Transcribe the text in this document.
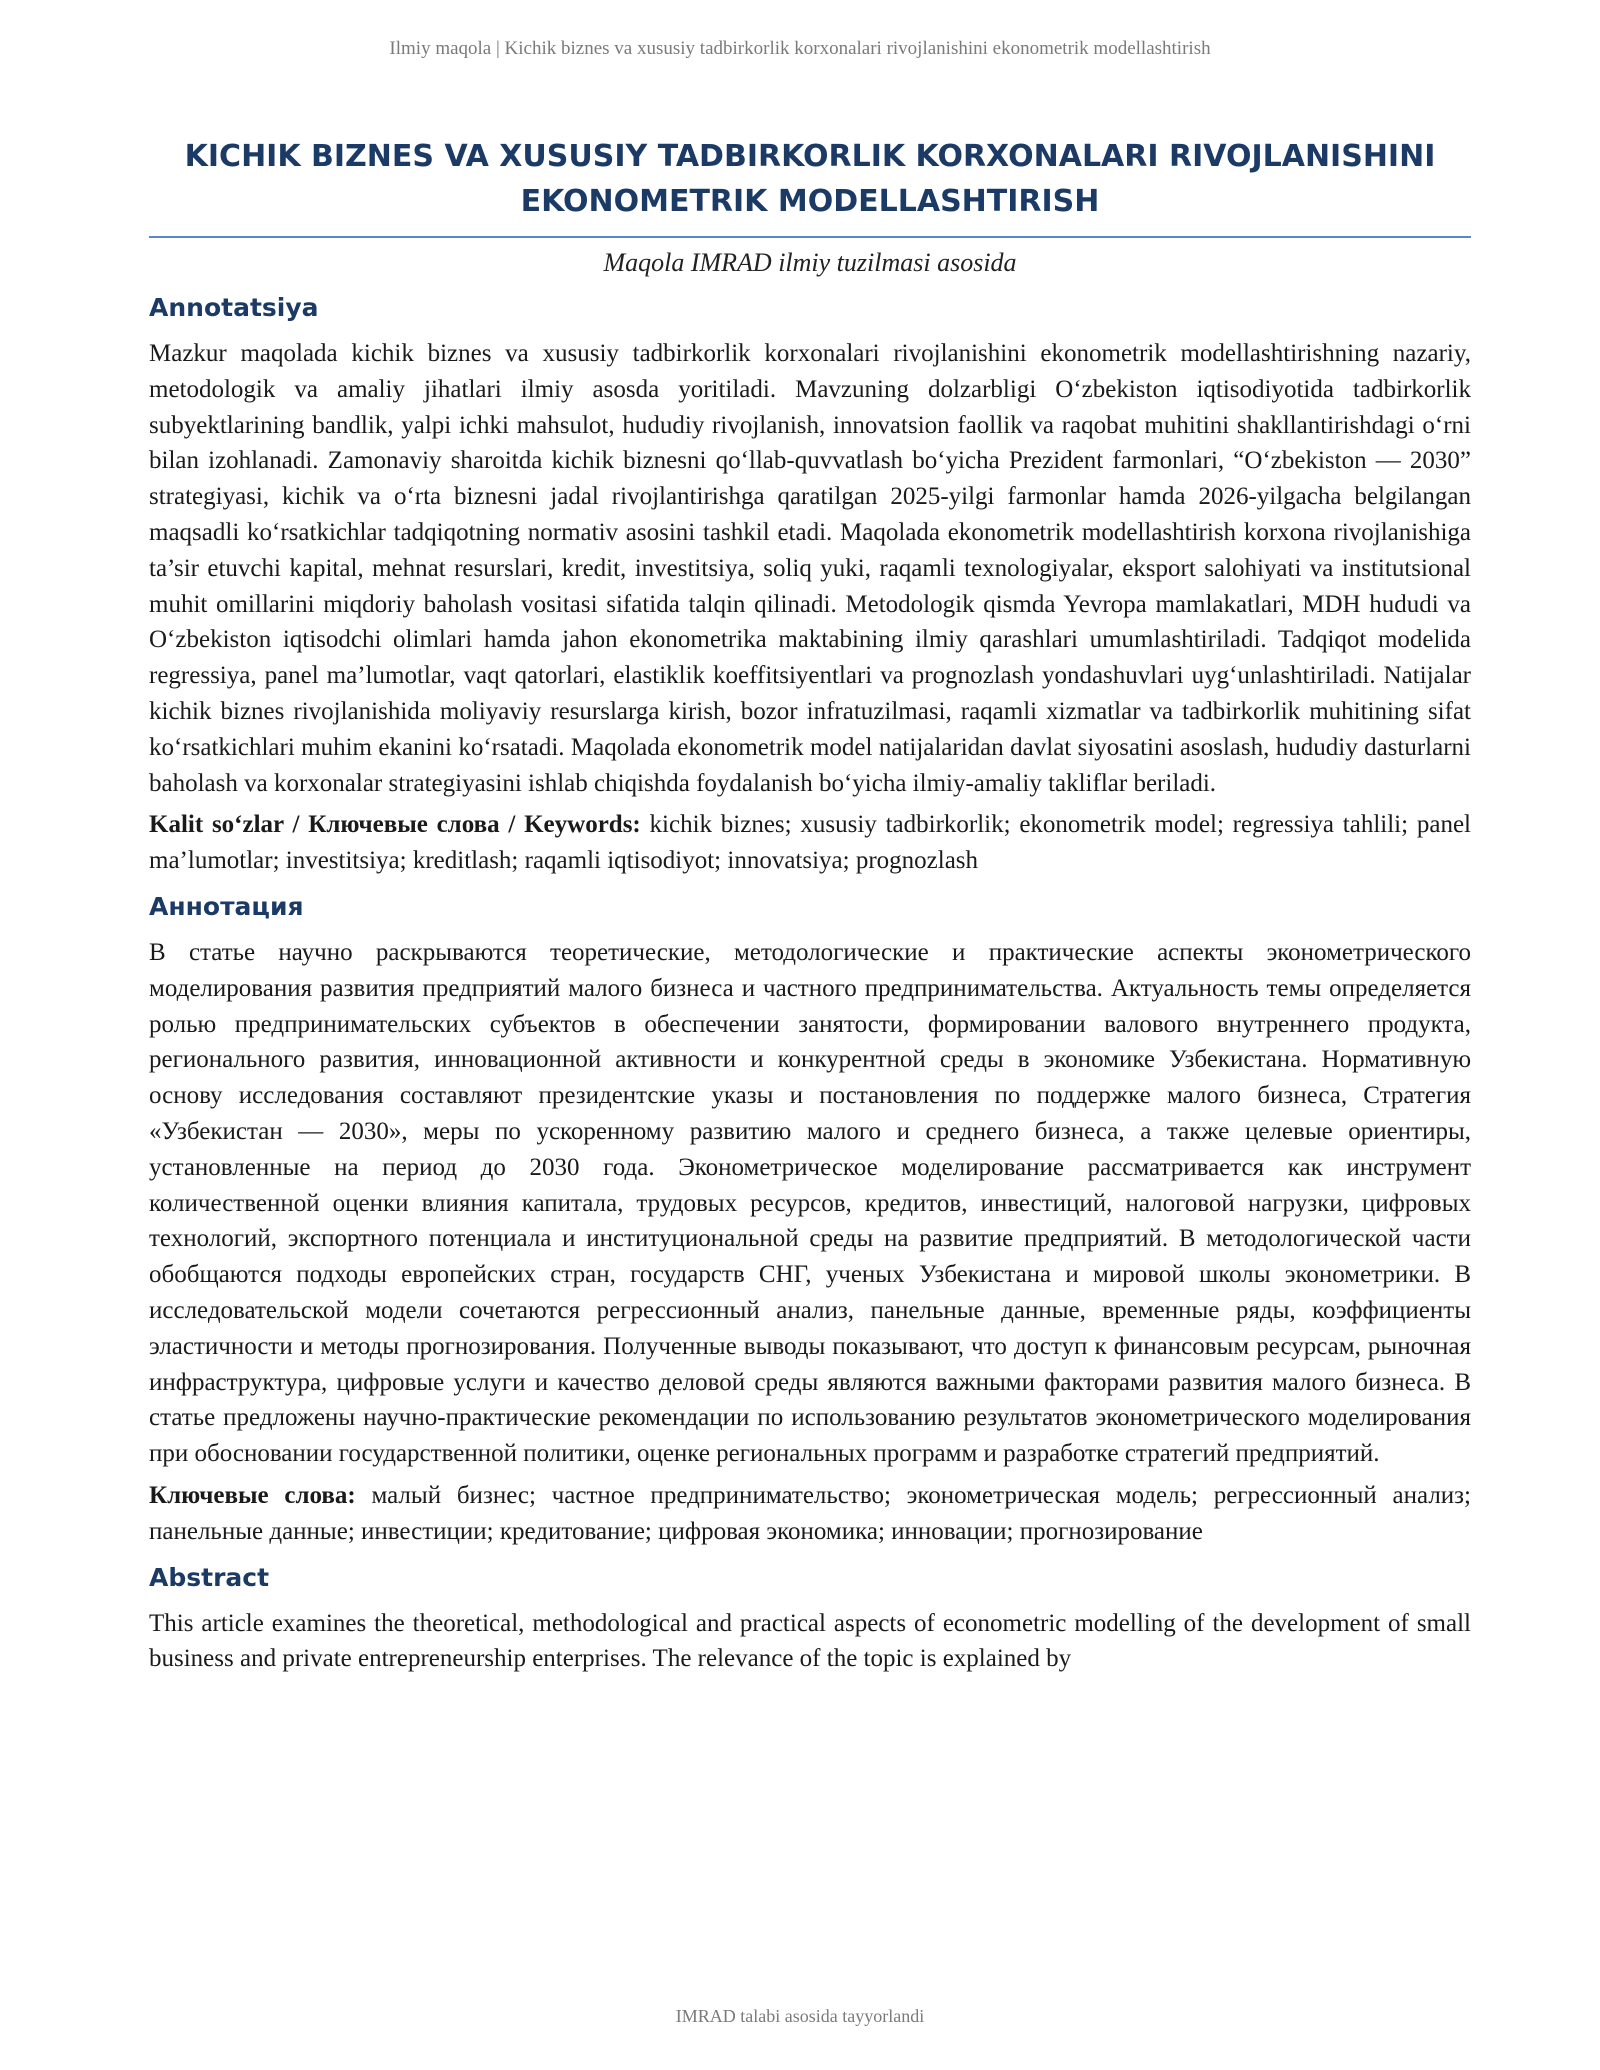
Ilmiy maqola | Kichik biznes va xususiy tadbirkorlik korxonalari rivojlanishini ekonometrik modellashtirish
KICHIK BIZNES VA XUSUSIY TADBIRKORLIK KORXONALARI RIVOJLANISHINI EKONOMETRIK MODELLASHTIRISH

Maqola IMRAD ilmiy tuzilmasi asosida

Annotatsiya

Mazkur maqolada kichik biznes va xususiy tadbirkorlik korxonalari rivojlanishini ekonometrik modellashtirishning nazariy, metodologik va amaliy jihatlari ilmiy asosda yoritiladi. Mavzuning dolzarbligi O‘zbekiston iqtisodiyotida tadbirkorlik subyektlarining bandlik, yalpi ichki mahsulot, hududiy rivojlanish, innovatsion faollik va raqobat muhitini shakllantirishdagi o‘rni bilan izohlanadi. Zamonaviy sharoitda kichik biznesni qo‘llab-quvvatlash bo‘yicha Prezident farmonlari, “O‘zbekiston — 2030” strategiyasi, kichik va o‘rta biznesni jadal rivojlantirishga qaratilgan 2025-yilgi farmonlar hamda 2026-yilgacha belgilangan maqsadli ko‘rsatkichlar tadqiqotning normativ asosini tashkil etadi. Maqolada ekonometrik modellashtirish korxona rivojlanishiga ta’sir etuvchi kapital, mehnat resurslari, kredit, investitsiya, soliq yuki, raqamli texnologiyalar, eksport salohiyati va institutsional muhit omillarini miqdoriy baholash vositasi sifatida talqin qilinadi. Metodologik qismda Yevropa mamlakatlari, MDH hududi va O‘zbekiston iqtisodchi olimlari hamda jahon ekonometrika maktabining ilmiy qarashlari umumlashtiriladi. Tadqiqot modelida regressiya, panel ma’lumotlar, vaqt qatorlari, elastiklik koeffitsiyentlari va prognozlash yondashuvlari uyg‘unlashtiriladi. Natijalar kichik biznes rivojlanishida moliyaviy resurslarga kirish, bozor infratuzilmasi, raqamli xizmatlar va tadbirkorlik muhitining sifat ko‘rsatkichlari muhim ekanini ko‘rsatadi. Maqolada ekonometrik model natijalaridan davlat siyosatini asoslash, hududiy dasturlarni baholash va korxonalar strategiyasini ishlab chiqishda foydalanish bo‘yicha ilmiy-amaliy takliflar beriladi.

Kalit so‘zlar / Ключевые слова / Keywords: kichik biznes; xususiy tadbirkorlik; ekonometrik model; regressiya tahlili; panel ma’lumotlar; investitsiya; kreditlash; raqamli iqtisodiyot; innovatsiya; prognozlash

Аннотация

В статье научно раскрываются теоретические, методологические и практические аспекты эконометрического моделирования развития предприятий малого бизнеса и частного предпринимательства. Актуальность темы определяется ролью предпринимательских субъектов в обеспечении занятости, формировании валового внутреннего продукта, регионального развития, инновационной активности и конкурентной среды в экономике Узбекистана. Нормативную основу исследования составляют президентские указы и постановления по поддержке малого бизнеса, Стратегия «Узбекистан — 2030», меры по ускоренному развитию малого и среднего бизнеса, а также целевые ориентиры, установленные на период до 2030 года. Эконометрическое моделирование рассматривается как инструмент количественной оценки влияния капитала, трудовых ресурсов, кредитов, инвестиций, налоговой нагрузки, цифровых технологий, экспортного потенциала и институциональной среды на развитие предприятий. В методологической части обобщаются подходы европейских стран, государств СНГ, ученых Узбекистана и мировой школы эконометрики. В исследовательской модели сочетаются регрессионный анализ, панельные данные, временные ряды, коэффициенты эластичности и методы прогнозирования. Полученные выводы показывают, что доступ к финансовым ресурсам, рыночная инфраструктура, цифровые услуги и качество деловой среды являются важными факторами развития малого бизнеса. В статье предложены научно-практические рекомендации по использованию результатов эконометрического моделирования при обосновании государственной политики, оценке региональных программ и разработке стратегий предприятий.

Ключевые слова: малый бизнес; частное предпринимательство; эконометрическая модель; регрессионный анализ; панельные данные; инвестиции; кредитование; цифровая экономика; инновации; прогнозирование

Abstract

This article examines the theoretical, methodological and practical aspects of econometric modelling of the development of small business and private entrepreneurship enterprises. The relevance of the topic is explained by

IMRAD talabi asosida tayyorlandi
